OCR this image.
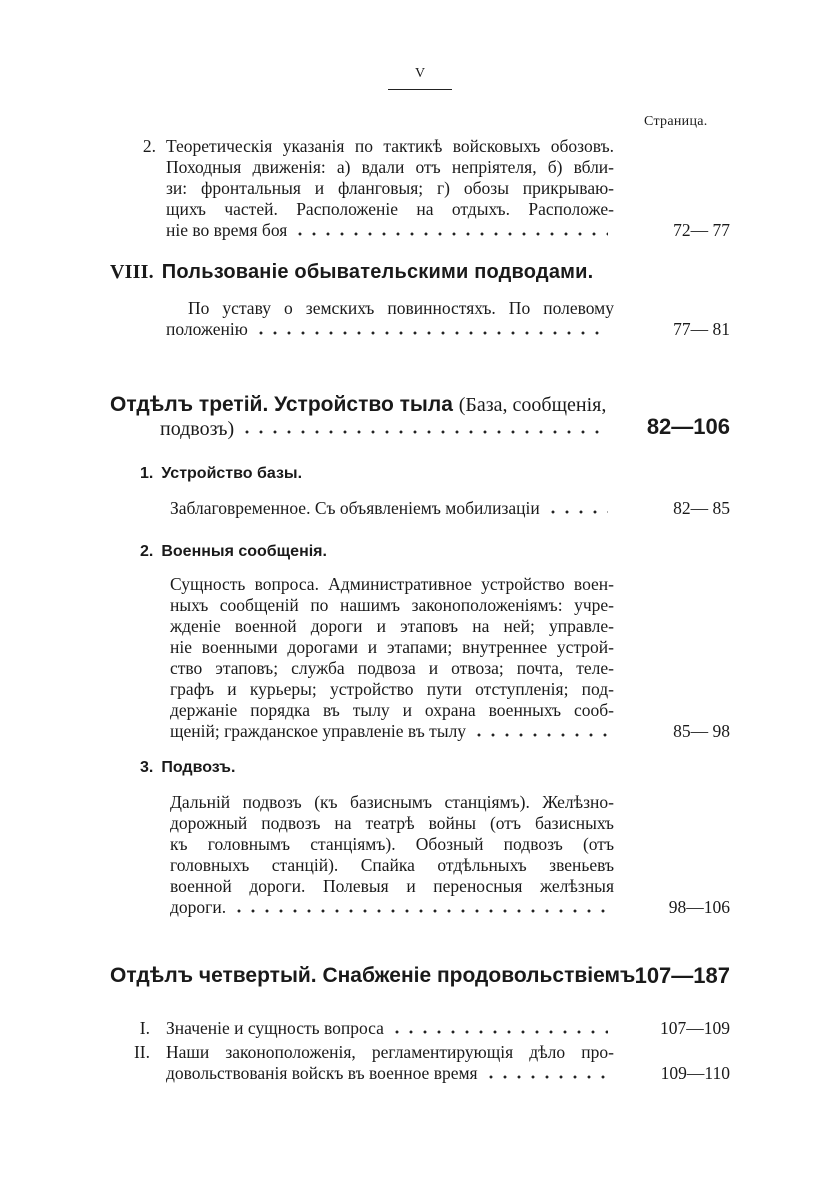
V
Страница.
2. Теоретическія указанія по тактикѣ войсковыхъ обозовъ.
Походныя движенія: а) вдали отъ непріятеля, б) вбли-
зи: фронтальныя и фланговыя; г) обозы прикрываю-
щихъ частей. Расположеніе на отдыхъ. Расположе-
ніе во время боя	72— 77
VIII. Пользованіе обывательскими подводами.
По уставу о земскихъ повинностяхъ. По полевому
положенію	77— 81
Отдѣлъ третій. Устройство тыла (База, сообщенія,
подвозъ)	82—106
1. Устройство базы.
Заблаговременное. Съ объявленіемъ мобилизаціи	82— 85
2. Военныя сообщенія.
Сущность вопроса. Административное устройство воен-
ныхъ сообщеній по нашимъ законоположеніямъ: учре-
жденіе военной дороги и этаповъ на ней; управле-
ніе военными дорогами и этапами; внутреннее устрой-
ство этаповъ; служба подвоза и отвоза; почта, теле-
графъ и курьеры; устройство пути отступленія; под-
держаніе порядка въ тылу и охрана военныхъ сооб-
щеній; гражданское управленіе въ тылу	85— 98
3. Подвозъ.
Дальній подвозъ (къ базиснымъ станціямъ). Желѣзно-
дорожный подвозъ на театрѣ войны (отъ базисныхъ
къ головнымъ станціямъ). Обозный подвозъ (отъ
головныхъ станцій). Спайка отдѣльныхъ звеньевъ
военной дороги. Полевыя и переносныя желѣзныя
дороги.	98—106
Отдѣлъ четвертый. Снабженіе продовольствіемъ 107—187
I. Значеніе и сущность вопроса	107—109
II. Наши законоположенія, регламентирующія дѣло про-
довольствованія войскъ въ военное время	109—110
